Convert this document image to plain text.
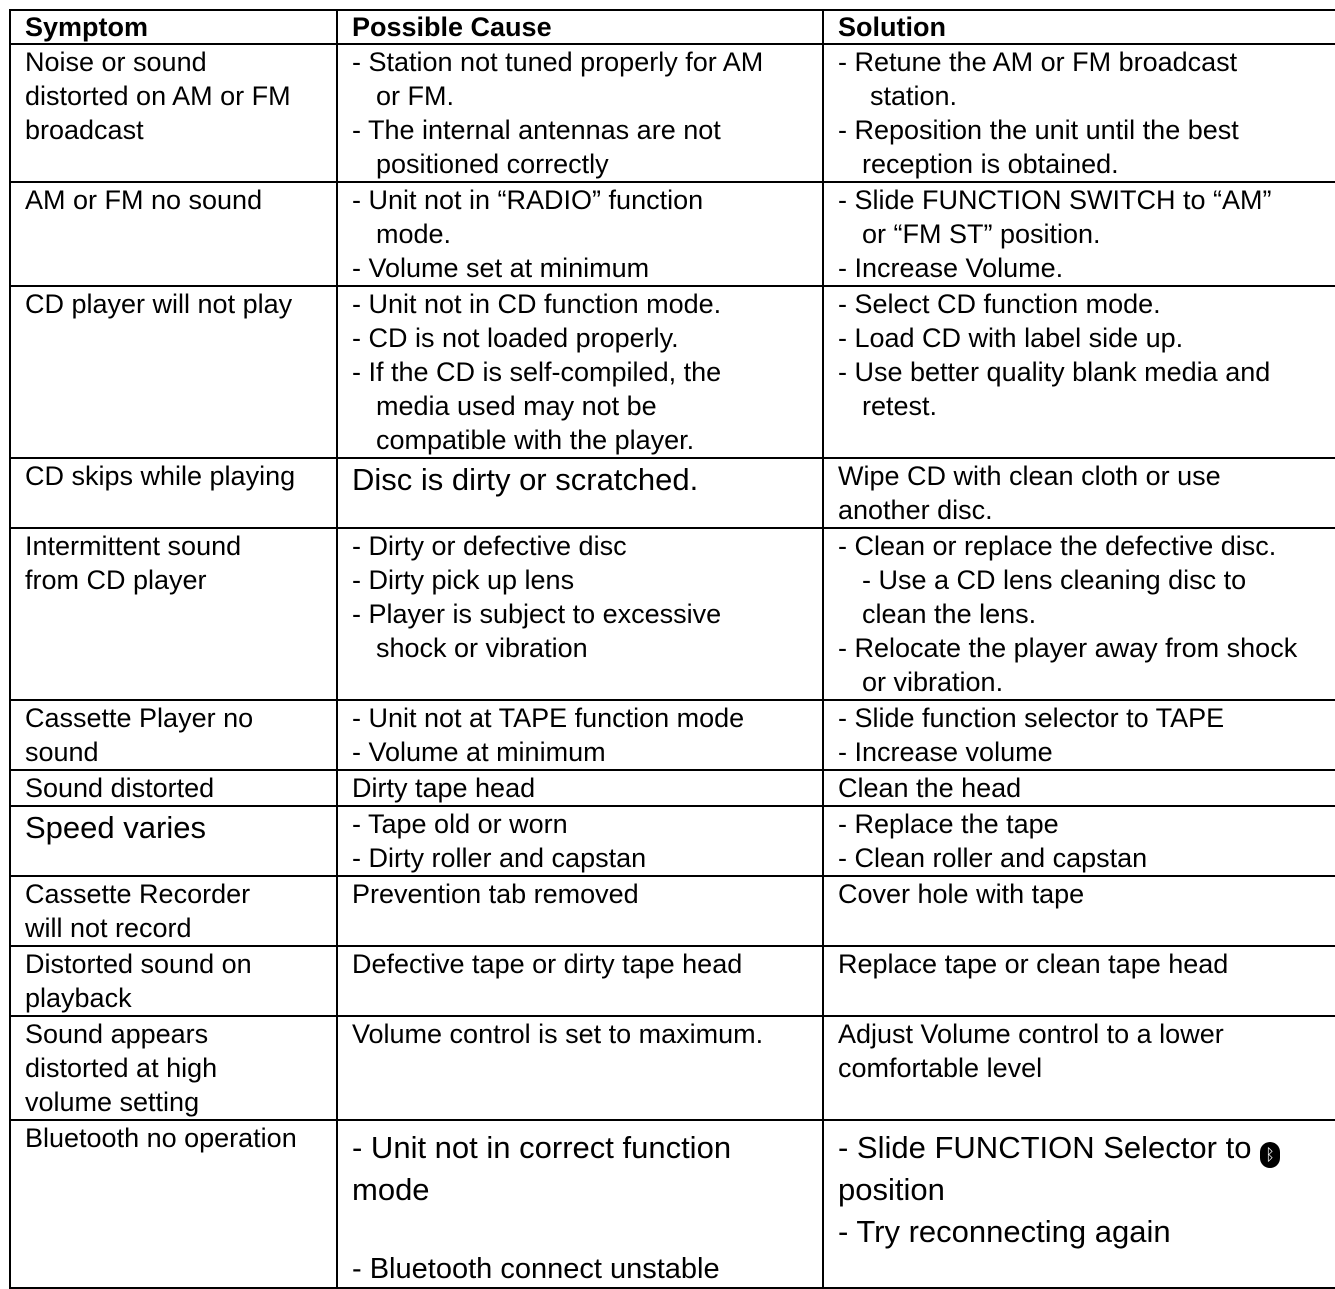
Symptom	Possible Cause	Solution

Noise or sound
distorted on AM or FM
broadcast	- Station not tuned properly for AM
or FM.
- The internal antennas are not
positioned correctly	- Retune the AM or FM broadcast
station.
- Reposition the unit until the best
reception is obtained.

AM or FM no sound	- Unit not in “RADIO” function
mode.
- Volume set at minimum	- Slide FUNCTION SWITCH to “AM”
or “FM ST” position.
- Increase Volume.

CD player will not play	- Unit not in CD function mode.
- CD is not loaded properly.
- If the CD is self-compiled, the
media used may not be
compatible with the player.	- Select CD function mode.
- Load CD with label side up.
- Use better quality blank media and
retest.

CD skips while playing	Disc is dirty or scratched.	Wipe CD with clean cloth or use
another disc.

Intermittent sound
from CD player	- Dirty or defective disc
- Dirty pick up lens
- Player is subject to excessive
shock or vibration	- Clean or replace the defective disc.
- Use a CD lens cleaning disc to
clean the lens.
- Relocate the player away from shock
or vibration.

Cassette Player no
sound	- Unit not at TAPE function mode
- Volume at minimum	- Slide function selector to TAPE
- Increase volume

Sound distorted	Dirty tape head	Clean the head

Speed varies	- Tape old or worn
- Dirty roller and capstan	- Replace the tape
- Clean roller and capstan

Cassette Recorder
will not record	Prevention tab removed	Cover hole with tape

Distorted sound on
playback	Defective tape or dirty tape head	Replace tape or clean tape head

Sound appears
distorted at high
volume setting	Volume control is set to maximum.	Adjust Volume control to a lower
comfortable level

Bluetooth no operation	- Unit not in correct function
mode
- Bluetooth connect unstable	- Slide FUNCTION Selector to ᛒ
position
- Try reconnecting again
